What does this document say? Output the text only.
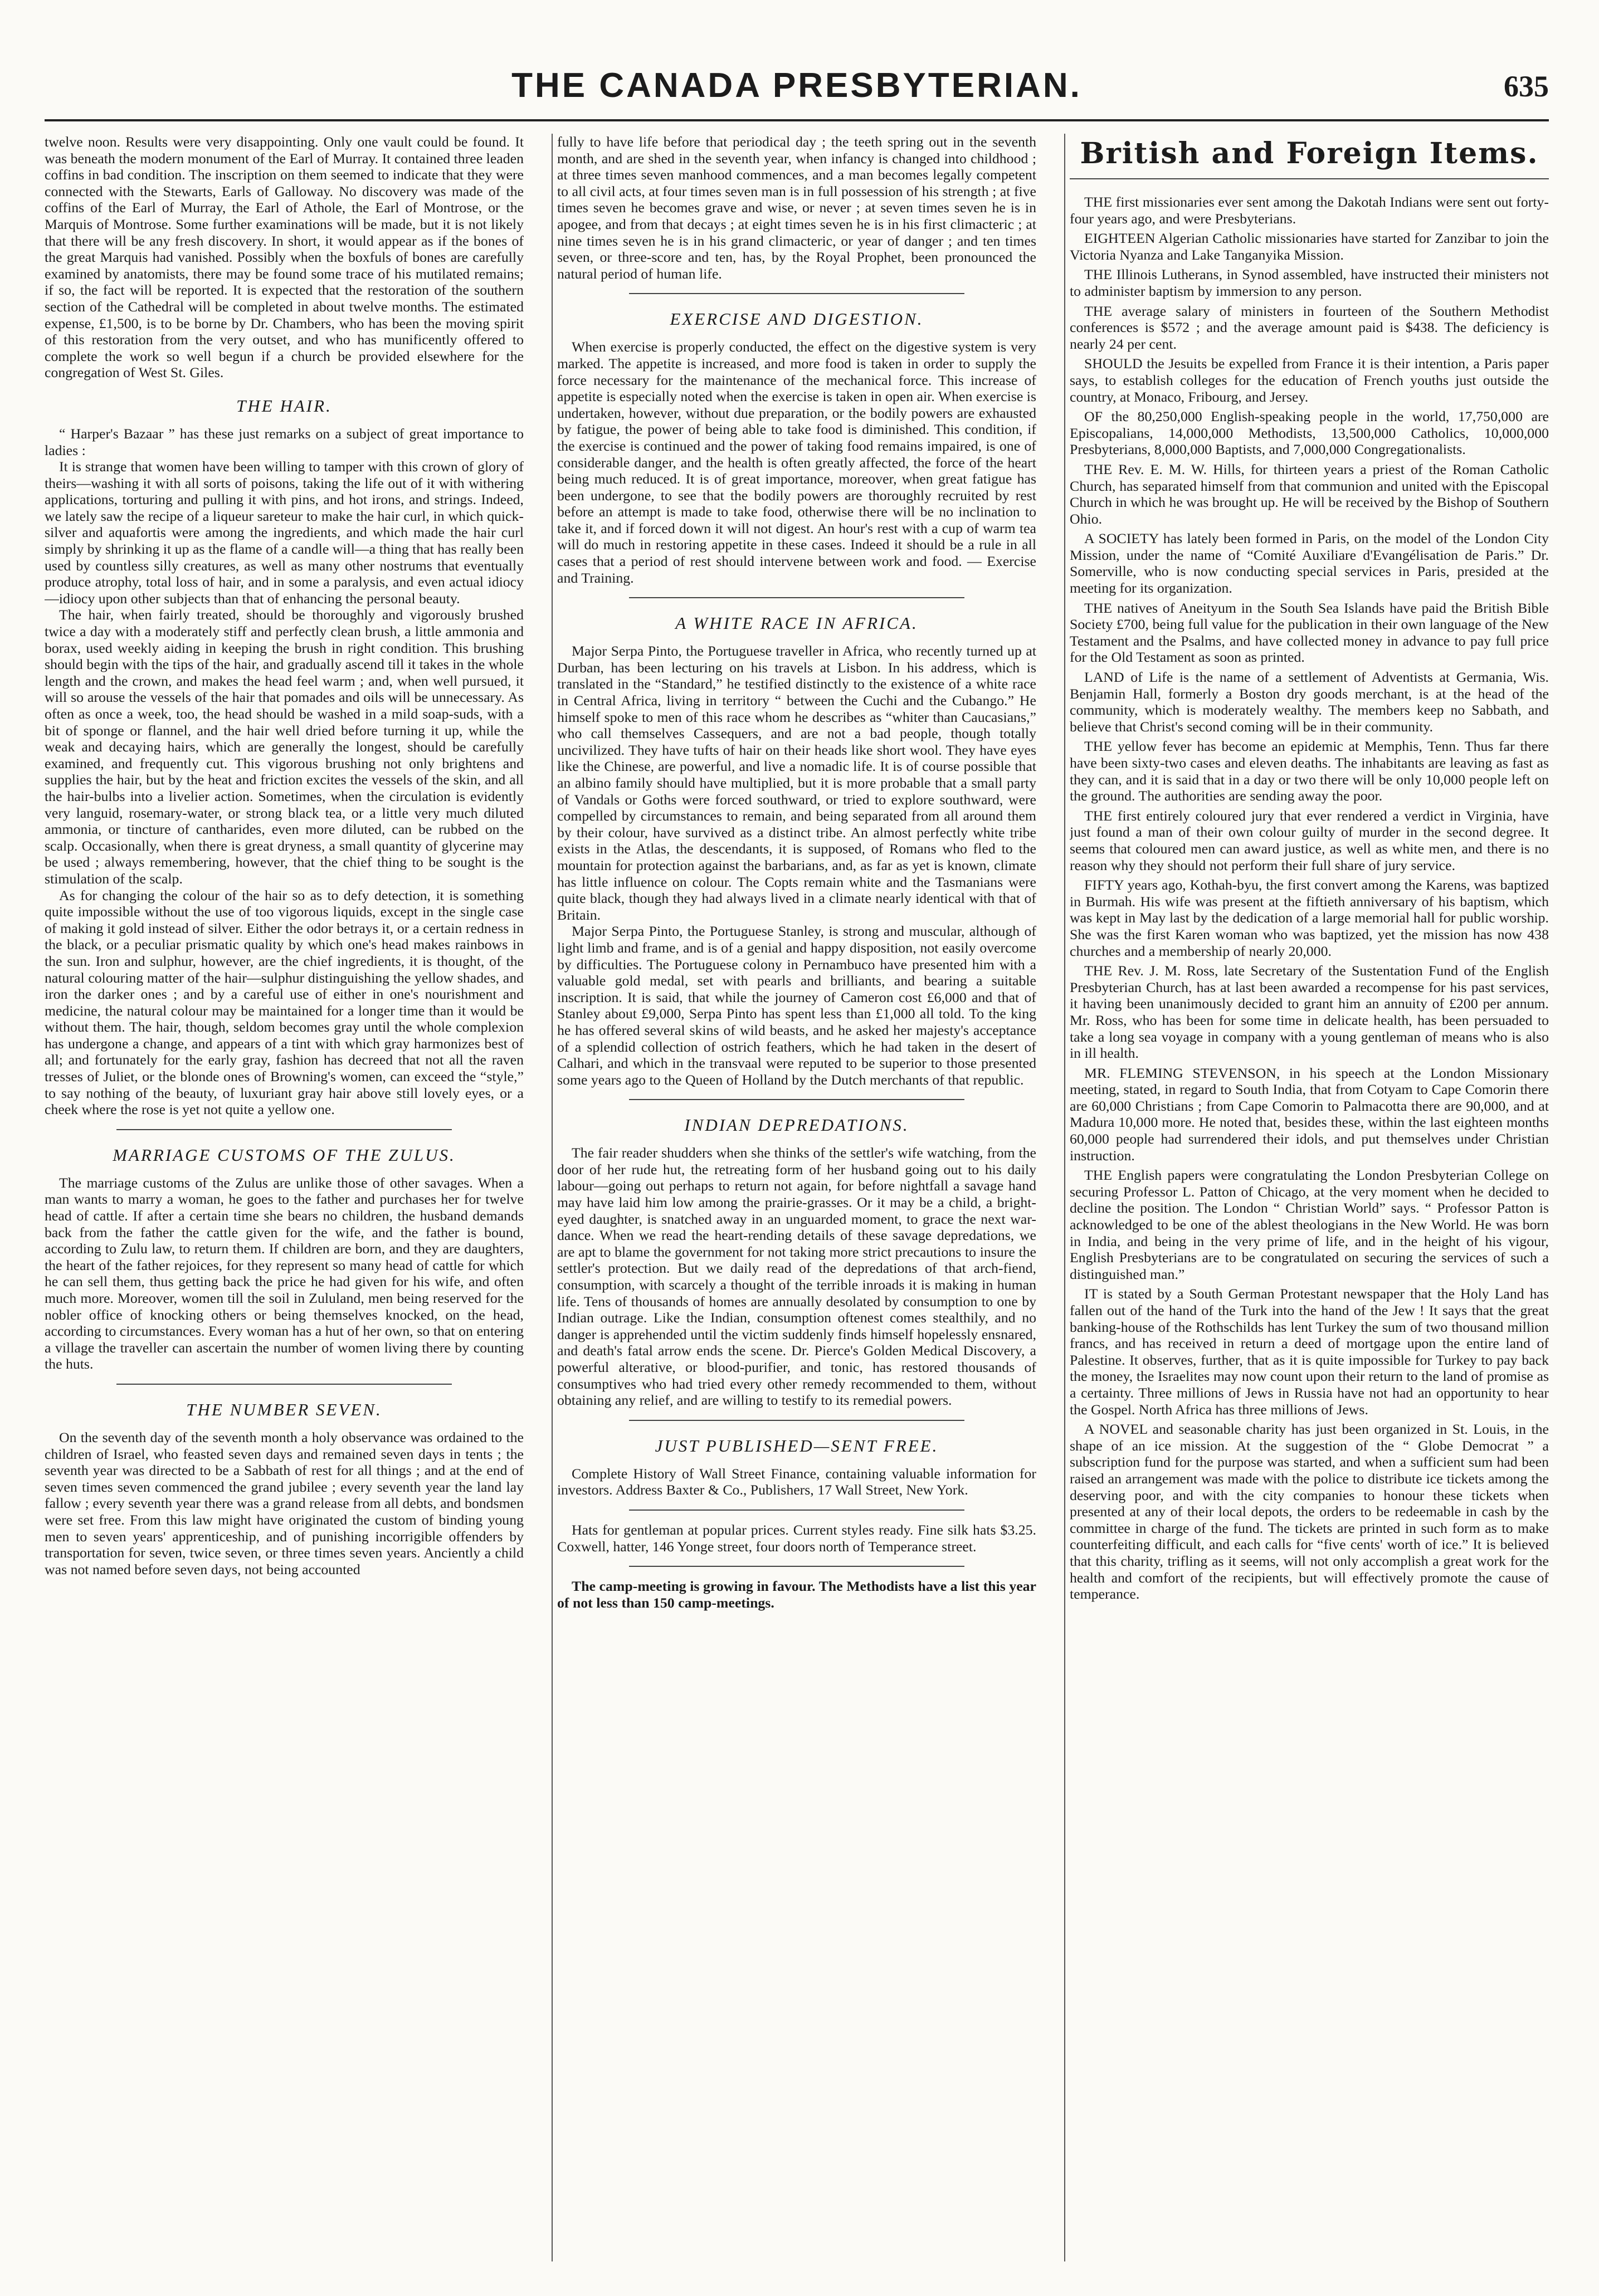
THE CANADA PRESBYTERIAN.	635

twelve noon. Results were very disappointing. Only one vault could be found. It was beneath the modern monument of the Earl of Murray. It contained three leaden coffins in bad condition. The inscription on them seemed to indicate that they were connected with the Stewarts, Earls of Galloway. No discovery was made of the coffins of the Earl of Murray, the Earl of Athole, the Earl of Montrose, or the Marquis of Montrose. Some further examinations will be made, but it is not likely that there will be any fresh discovery. In short, it would appear as if the bones of the great Marquis had vanished. Possibly when the boxfuls of bones are carefully examined by anatomists, there may be found some trace of his mutilated remains; if so, the fact will be reported. It is expected that the restoration of the southern section of the Cathedral will be completed in about twelve months. The estimated expense, £1,500, is to be borne by Dr. Chambers, who has been the moving spirit of this restoration from the very outset, and who has munificently offered to complete the work so well begun if a church be provided elsewhere for the congregation of West St. Giles.

THE HAIR.

“ Harper's Bazaar ” has these just remarks on a subject of great importance to ladies :

It is strange that women have been willing to tamper with this crown of glory of theirs—washing it with all sorts of poisons, taking the life out of it with withering applications, torturing and pulling it with pins, and hot irons, and strings. Indeed, we lately saw the recipe of a liqueur sareteur to make the hair curl, in which quick-silver and aquafortis were among the ingredients, and which made the hair curl simply by shrinking it up as the flame of a candle will—a thing that has really been used by countless silly creatures, as well as many other nostrums that eventually produce atrophy, total loss of hair, and in some a paralysis, and even actual idiocy—idiocy upon other subjects than that of enhancing the personal beauty.

The hair, when fairly treated, should be thoroughly and vigorously brushed twice a day with a moderately stiff and perfectly clean brush, a little ammonia and borax, used weekly aiding in keeping the brush in right condition. This brushing should begin with the tips of the hair, and gradually ascend till it takes in the whole length and the crown, and makes the head feel warm ; and, when well pursued, it will so arouse the vessels of the hair that pomades and oils will be unnecessary. As often as once a week, too, the head should be washed in a mild soap-suds, with a bit of sponge or flannel, and the hair well dried before turning it up, while the weak and decaying hairs, which are generally the longest, should be carefully examined, and frequently cut. This vigorous brushing not only brightens and supplies the hair, but by the heat and friction excites the vessels of the skin, and all the hair-bulbs into a livelier action. Sometimes, when the circulation is evidently very languid, rosemary-water, or strong black tea, or a little very much diluted ammonia, or tincture of cantharides, even more diluted, can be rubbed on the scalp. Occasionally, when there is great dryness, a small quantity of glycerine may be used ; always remembering, however, that the chief thing to be sought is the stimulation of the scalp.

As for changing the colour of the hair so as to defy detection, it is something quite impossible without the use of too vigorous liquids, except in the single case of making it gold instead of silver. Either the odor betrays it, or a certain redness in the black, or a peculiar prismatic quality by which one's head makes rainbows in the sun. Iron and sulphur, however, are the chief ingredients, it is thought, of the natural colouring matter of the hair—sulphur distinguishing the yellow shades, and iron the darker ones ; and by a careful use of either in one's nourishment and medicine, the natural colour may be maintained for a longer time than it would be without them. The hair, though, seldom becomes gray until the whole complexion has undergone a change, and appears of a tint with which gray harmonizes best of all; and fortunately for the early gray, fashion has decreed that not all the raven tresses of Juliet, or the blonde ones of Browning's women, can exceed the “style,” to say nothing of the beauty, of luxuriant gray hair above still lovely eyes, or a cheek where the rose is yet not quite a yellow one.

MARRIAGE CUSTOMS OF THE ZULUS.

The marriage customs of the Zulus are unlike those of other savages. When a man wants to marry a woman, he goes to the father and purchases her for twelve head of cattle. If after a certain time she bears no children, the husband demands back from the father the cattle given for the wife, and the father is bound, according to Zulu law, to return them. If children are born, and they are daughters, the heart of the father rejoices, for they represent so many head of cattle for which he can sell them, thus getting back the price he had given for his wife, and often much more. Moreover, women till the soil in Zululand, men being reserved for the nobler office of knocking others or being themselves knocked, on the head, according to circumstances. Every woman has a hut of her own, so that on entering a village the traveller can ascertain the number of women living there by counting the huts.

THE NUMBER SEVEN.

On the seventh day of the seventh month a holy observance was ordained to the children of Israel, who feasted seven days and remained seven days in tents ; the seventh year was directed to be a Sabbath of rest for all things ; and at the end of seven times seven commenced the grand jubilee ; every seventh year the land lay fallow ; every seventh year there was a grand release from all debts, and bondsmen were set free. From this law might have originated the custom of binding young men to seven years' apprenticeship, and of punishing incorrigible offenders by transportation for seven, twice seven, or three times seven years. Anciently a child was not named before seven days, not being accounted

fully to have life before that periodical day ; the teeth spring out in the seventh month, and are shed in the seventh year, when infancy is changed into childhood ; at three times seven manhood commences, and a man becomes legally competent to all civil acts, at four times seven man is in full possession of his strength ; at five times seven he becomes grave and wise, or never ; at seven times seven he is in apogee, and from that decays ; at eight times seven he is in his first climacteric ; at nine times seven he is in his grand climacteric, or year of danger ; and ten times seven, or three-score and ten, has, by the Royal Prophet, been pronounced the natural period of human life.

EXERCISE AND DIGESTION.

When exercise is properly conducted, the effect on the digestive system is very marked. The appetite is increased, and more food is taken in order to supply the force necessary for the maintenance of the mechanical force. This increase of appetite is especially noted when the exercise is taken in open air. When exercise is undertaken, however, without due preparation, or the bodily powers are exhausted by fatigue, the power of being able to take food is diminished. This condition, if the exercise is continued and the power of taking food remains impaired, is one of considerable danger, and the health is often greatly affected, the force of the heart being much reduced. It is of great importance, moreover, when great fatigue has been undergone, to see that the bodily powers are thoroughly recruited by rest before an attempt is made to take food, otherwise there will be no inclination to take it, and if forced down it will not digest. An hour's rest with a cup of warm tea will do much in restoring appetite in these cases. Indeed it should be a rule in all cases that a period of rest should intervene between work and food. — Exercise and Training.

A WHITE RACE IN AFRICA.

Major Serpa Pinto, the Portuguese traveller in Africa, who recently turned up at Durban, has been lecturing on his travels at Lisbon. In his address, which is translated in the “Standard,” he testified distinctly to the existence of a white race in Central Africa, living in territory “ between the Cuchi and the Cubango.” He himself spoke to men of this race whom he describes as “whiter than Caucasians,” who call themselves Cassequers, and are not a bad people, though totally uncivilized. They have tufts of hair on their heads like short wool. They have eyes like the Chinese, are powerful, and live a nomadic life. It is of course possible that an albino family should have multiplied, but it is more probable that a small party of Vandals or Goths were forced southward, or tried to explore southward, were compelled by circumstances to remain, and being separated from all around them by their colour, have survived as a distinct tribe. An almost perfectly white tribe exists in the Atlas, the descendants, it is supposed, of Romans who fled to the mountain for protection against the barbarians, and, as far as yet is known, climate has little influence on colour. The Copts remain white and the Tasmanians were quite black, though they had always lived in a climate nearly identical with that of Britain.

Major Serpa Pinto, the Portuguese Stanley, is strong and muscular, although of light limb and frame, and is of a genial and happy disposition, not easily overcome by difficulties. The Portuguese colony in Pernambuco have presented him with a valuable gold medal, set with pearls and brilliants, and bearing a suitable inscription. It is said, that while the journey of Cameron cost £6,000 and that of Stanley about £9,000, Serpa Pinto has spent less than £1,000 all told. To the king he has offered several skins of wild beasts, and he asked her majesty's acceptance of a splendid collection of ostrich feathers, which he had taken in the desert of Calhari, and which in the transvaal were reputed to be superior to those presented some years ago to the Queen of Holland by the Dutch merchants of that republic.

INDIAN DEPREDATIONS.

The fair reader shudders when she thinks of the settler's wife watching, from the door of her rude hut, the retreating form of her husband going out to his daily labour—going out perhaps to return not again, for before nightfall a savage hand may have laid him low among the prairie-grasses. Or it may be a child, a bright-eyed daughter, is snatched away in an unguarded moment, to grace the next war-dance. When we read the heart-rending details of these savage depredations, we are apt to blame the government for not taking more strict precautions to insure the settler's protection. But we daily read of the depredations of that arch-fiend, consumption, with scarcely a thought of the terrible inroads it is making in human life. Tens of thousands of homes are annually desolated by consumption to one by Indian outrage. Like the Indian, consumption oftenest comes stealthily, and no danger is apprehended until the victim suddenly finds himself hopelessly ensnared, and death's fatal arrow ends the scene. Dr. Pierce's Golden Medical Discovery, a powerful alterative, or blood-purifier, and tonic, has restored thousands of consumptives who had tried every other remedy recommended to them, without obtaining any relief, and are willing to testify to its remedial powers.

JUST PUBLISHED—SENT FREE.

Complete History of Wall Street Finance, containing valuable information for investors. Address Baxter & Co., Publishers, 17 Wall Street, New York.

Hats for gentleman at popular prices. Current styles ready. Fine silk hats $3.25. Coxwell, hatter, 146 Yonge street, four doors north of Temperance street.

The camp-meeting is growing in favour. The Methodists have a list this year of not less than 150 camp-meetings.

British and Foreign Items.

THE first missionaries ever sent among the Dakotah Indians were sent out forty-four years ago, and were Presbyterians.

EIGHTEEN Algerian Catholic missionaries have started for Zanzibar to join the Victoria Nyanza and Lake Tanganyika Mission.

THE Illinois Lutherans, in Synod assembled, have instructed their ministers not to administer baptism by immersion to any person.

THE average salary of ministers in fourteen of the Southern Methodist conferences is $572 ; and the average amount paid is $438. The deficiency is nearly 24 per cent.

SHOULD the Jesuits be expelled from France it is their intention, a Paris paper says, to establish colleges for the education of French youths just outside the country, at Monaco, Fribourg, and Jersey.

OF the 80,250,000 English-speaking people in the world, 17,750,000 are Episcopalians, 14,000,000 Methodists, 13,500,000 Catholics, 10,000,000 Presbyterians, 8,000,000 Baptists, and 7,000,000 Congregationalists.

THE Rev. E. M. W. Hills, for thirteen years a priest of the Roman Catholic Church, has separated himself from that communion and united with the Episcopal Church in which he was brought up. He will be received by the Bishop of Southern Ohio.

A SOCIETY has lately been formed in Paris, on the model of the London City Mission, under the name of “Comité Auxiliare d'Evangélisation de Paris.” Dr. Somerville, who is now conducting special services in Paris, presided at the meeting for its organization.

THE natives of Aneityum in the South Sea Islands have paid the British Bible Society £700, being full value for the publication in their own language of the New Testament and the Psalms, and have collected money in advance to pay full price for the Old Testament as soon as printed.

LAND of Life is the name of a settlement of Adventists at Germania, Wis. Benjamin Hall, formerly a Boston dry goods merchant, is at the head of the community, which is moderately wealthy. The members keep no Sabbath, and believe that Christ's second coming will be in their community.

THE yellow fever has become an epidemic at Memphis, Tenn. Thus far there have been sixty-two cases and eleven deaths. The inhabitants are leaving as fast as they can, and it is said that in a day or two there will be only 10,000 people left on the ground. The authorities are sending away the poor.

THE first entirely coloured jury that ever rendered a verdict in Virginia, have just found a man of their own colour guilty of murder in the second degree. It seems that coloured men can award justice, as well as white men, and there is no reason why they should not perform their full share of jury service.

FIFTY years ago, Kothah-byu, the first convert among the Karens, was baptized in Burmah. His wife was present at the fiftieth anniversary of his baptism, which was kept in May last by the dedication of a large memorial hall for public worship. She was the first Karen woman who was baptized, yet the mission has now 438 churches and a membership of nearly 20,000.

THE Rev. J. M. Ross, late Secretary of the Sustentation Fund of the English Presbyterian Church, has at last been awarded a recompense for his past services, it having been unanimously decided to grant him an annuity of £200 per annum. Mr. Ross, who has been for some time in delicate health, has been persuaded to take a long sea voyage in company with a young gentleman of means who is also in ill health.

MR. FLEMING STEVENSON, in his speech at the London Missionary meeting, stated, in regard to South India, that from Cotyam to Cape Comorin there are 60,000 Christians ; from Cape Comorin to Palmacotta there are 90,000, and at Madura 10,000 more. He noted that, besides these, within the last eighteen months 60,000 people had surrendered their idols, and put themselves under Christian instruction.

THE English papers were congratulating the London Presbyterian College on securing Professor L. Patton of Chicago, at the very moment when he decided to decline the position. The London “ Christian World” says. “ Professor Patton is acknowledged to be one of the ablest theologians in the New World. He was born in India, and being in the very prime of life, and in the height of his vigour, English Presbyterians are to be congratulated on securing the services of such a distinguished man.”

IT is stated by a South German Protestant newspaper that the Holy Land has fallen out of the hand of the Turk into the hand of the Jew ! It says that the great banking-house of the Rothschilds has lent Turkey the sum of two thousand million francs, and has received in return a deed of mortgage upon the entire land of Palestine. It observes, further, that as it is quite impossible for Turkey to pay back the money, the Israelites may now count upon their return to the land of promise as a certainty. Three millions of Jews in Russia have not had an opportunity to hear the Gospel. North Africa has three millions of Jews.

A NOVEL and seasonable charity has just been organized in St. Louis, in the shape of an ice mission. At the suggestion of the “ Globe Democrat ” a subscription fund for the purpose was started, and when a sufficient sum had been raised an arrangement was made with the police to distribute ice tickets among the deserving poor, and with the city companies to honour these tickets when presented at any of their local depots, the orders to be redeemable in cash by the committee in charge of the fund. The tickets are printed in such form as to make counterfeiting difficult, and each calls for “five cents' worth of ice.” It is believed that this charity, trifling as it seems, will not only accomplish a great work for the health and comfort of the recipients, but will effectively promote the cause of temperance.
